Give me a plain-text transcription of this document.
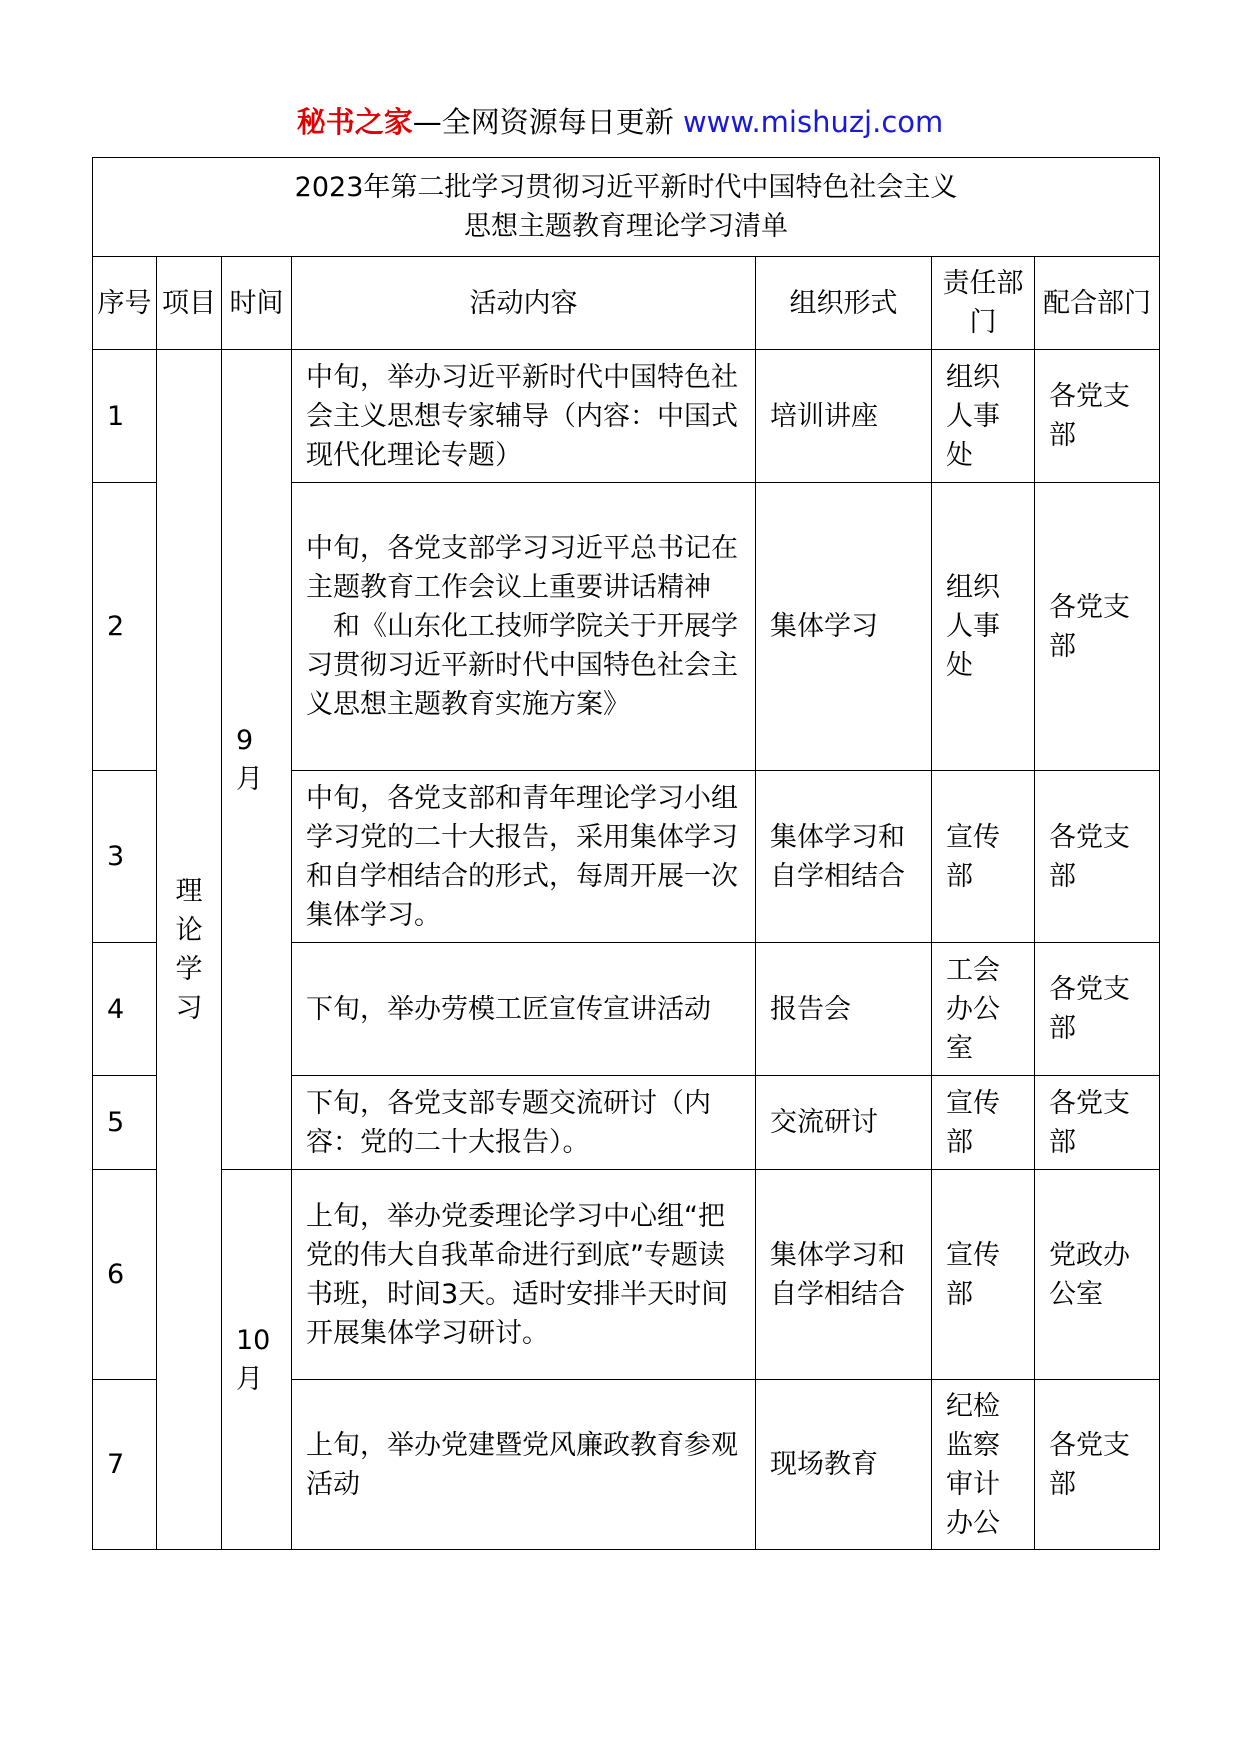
秘书之家—全网资源每日更新 www.mishuzj.com
2023年第二批学习贯彻习近平新时代中国特色社会主义
思想主题教育理论学习清单						

序号	项目	时间	活动内容	组织形式	责任部门	配合部门
1	理论学习	9月	中旬，举办习近平新时代中国特色社会主义思想专家辅导（内容：中国式现代化理论专题）	培训讲座	组织人事处	各党支部
2			中旬，各党支部学习习近平总书记在主题教育工作会议上重要讲话精神
和《山东化工技师学院关于开展学习贯彻习近平新时代中国特色社会主义思想主题教育实施方案》	集体学习	组织人事处	各党支部
3			中旬，各党支部和青年理论学习小组学习党的二十大报告，采用集体学习和自学相结合的形式，每周开展一次集体学习。	集体学习和自学相结合	宣传部	各党支部
4			下旬，举办劳模工匠宣传宣讲活动	报告会	工会办公室	各党支部
5			下旬，各党支部专题交流研讨（内容：党的二十大报告）。	交流研讨	宣传部	各党支部
6		10月	上旬，举办党委理论学习中心组“把党的伟大自我革命进行到底”专题读书班，时间3天。适时安排半天时间开展集体学习研讨。	集体学习和自学相结合	宣传部	党政办公室
7			上旬，举办党建暨党风廉政教育参观活动	现场教育	纪检监察审计办公	各党支部
